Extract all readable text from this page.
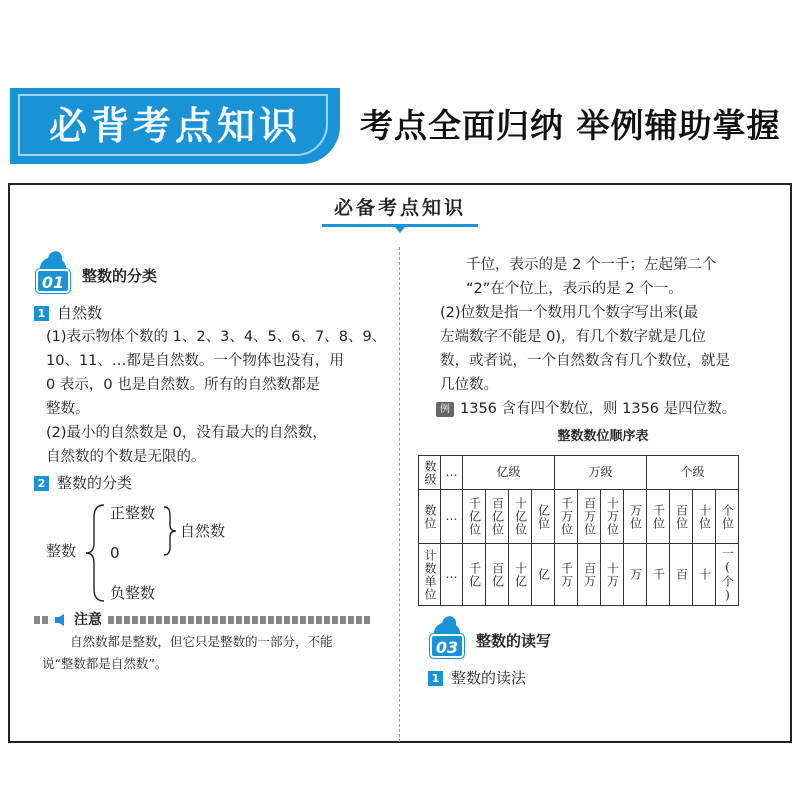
必背考点知识	考点全面归纳 举例辅助掌握
必备考点知识
01	整数的分类
1 自然数
(1)表示物体个数的 1、2、3、4、5、6、7、8、9、
10、11、…都是自然数。一个物体也没有，用
0 表示，0 也是自然数。所有的自然数都是
整数。
(2)最小的自然数是 0，没有最大的自然数，
自然数的个数是无限的。
2 整数的分类
整数
正整数
0
负整数
自然数
注意
自然数都是整数，但它只是整数的一部分，不能
说“整数都是自然数”。
千位，表示的是 2 个一千；左起第二个
“2”在个位上，表示的是 2 个一。
(2)位数是指一个数用几个数字写出来(最
左端数字不能是 0)，有几个数字就是几位
数，或者说，一个自然数含有几个数位，就是
几位数。
例 1356 含有四个数位，则 1356 是四位数。
整数数位顺序表
数级	…	亿级				万级				个级			

数位	…	千亿位	百亿位	十亿位	亿位	千万位	百万位	十万位	万位	千位	百位	十位	个位

计数单位	…	千亿	百亿	十亿	亿	千万	百万	十万	万	千	百	十	一(个)
03	整数的读写
1 整数的读法
